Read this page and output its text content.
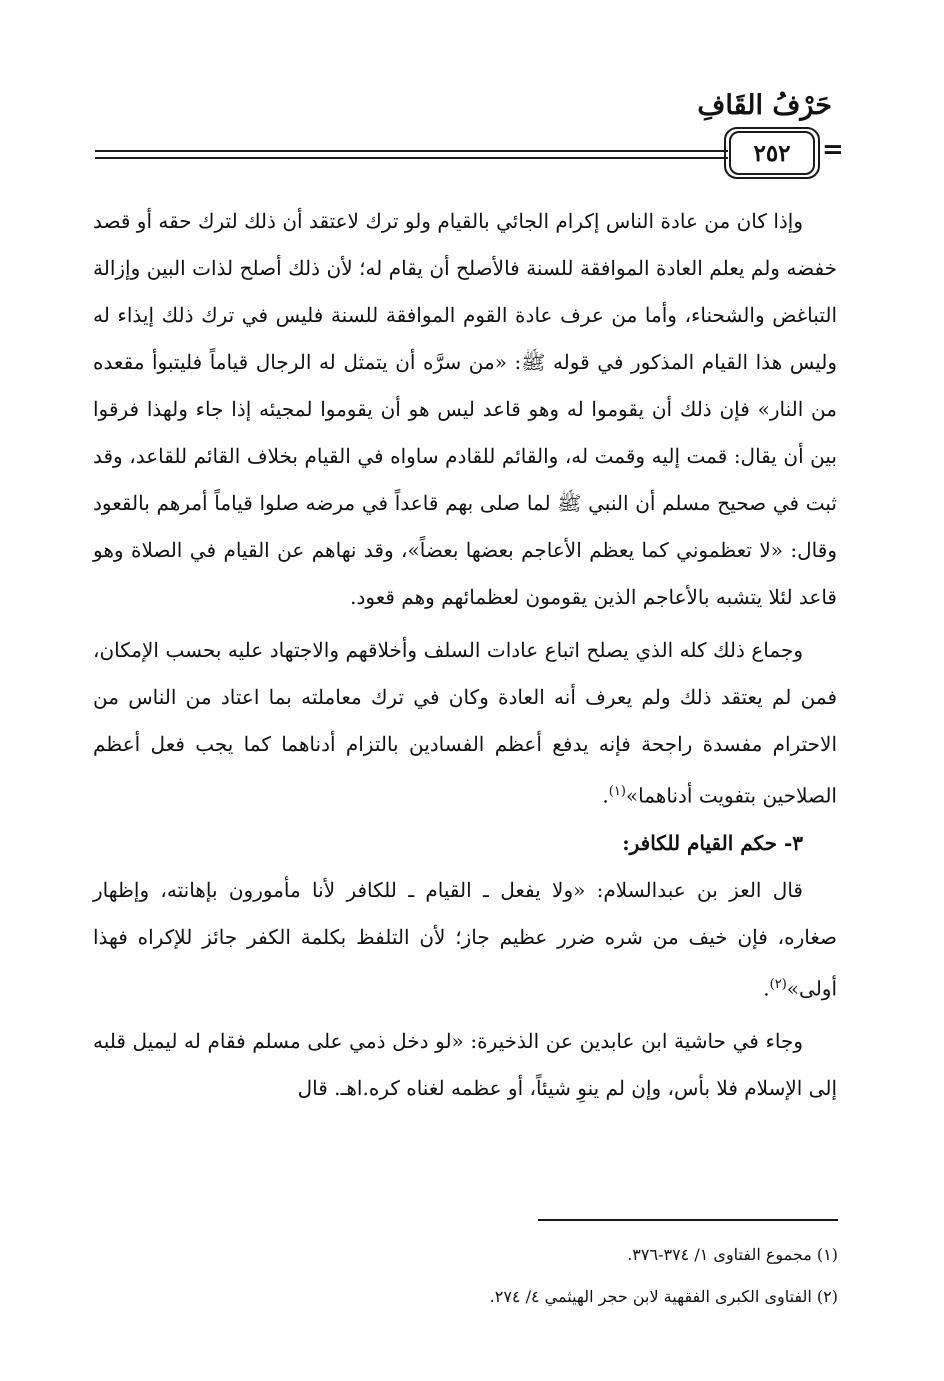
حَرْفُ القَافِ
٢٥٢	=

وإذا كان من عادة الناس إكرام الجائي بالقيام ولو ترك لاعتقد أن ذلك لترك حقه أو قصد خفضه ولم يعلم العادة الموافقة للسنة فالأصلح أن يقام له؛ لأن ذلك أصلح لذات البين وإزالة التباغض والشحناء، وأما من عرف عادة القوم الموافقة للسنة فليس في ترك ذلك إيذاء له وليس هذا القيام المذكور في قوله ﷺ: «من سرَّه أن يتمثل له الرجال قياماً فليتبوأ مقعده من النار» فإن ذلك أن يقوموا له وهو قاعد ليس هو أن يقوموا لمجيئه إذا جاء ولهذا فرقوا بين أن يقال: قمت إليه وقمت له، والقائم للقادم ساواه في القيام بخلاف القائم للقاعد، وقد ثبت في صحيح مسلم أن النبي ﷺ لما صلى بهم قاعداً في مرضه صلوا قياماً أمرهم بالقعود وقال: «لا تعظموني كما يعظم الأعاجم بعضها بعضاً»، وقد نهاهم عن القيام في الصلاة وهو قاعد لئلا يتشبه بالأعاجم الذين يقومون لعظمائهم وهم قعود.

وجماع ذلك كله الذي يصلح اتباع عادات السلف وأخلاقهم والاجتهاد عليه بحسب الإمكان، فمن لم يعتقد ذلك ولم يعرف أنه العادة وكان في ترك معاملته بما اعتاد من الناس من الاحترام مفسدة راجحة فإنه يدفع أعظم الفسادين بالتزام أدناهما كما يجب فعل أعظم الصلاحين بتفويت أدناهما»$^{(١)}$.

٣- حكم القيام للكافر:

قال العز بن عبدالسلام: «ولا يفعل ـ القيام ـ للكافر لأنا مأمورون بإهانته، وإظهار صغاره، فإن خيف من شره ضرر عظيم جاز؛ لأن التلفظ بكلمة الكفر جائز للإكراه فهذا أولى»$^{(٢)}$.

وجاء في حاشية ابن عابدين عن الذخيرة: «لو دخل ذمي على مسلم فقام له ليميل قلبه إلى الإسلام فلا بأس، وإن لم ينوِ شيئاً، أو عظمه لغناه كره.اهـ. قال

(١) مجموع الفتاوى ١/ ٣٧٤-٣٧٦.
(٢) الفتاوى الكبرى الفقهية لابن حجر الهيثمي ٤/ ٢٧٤.
